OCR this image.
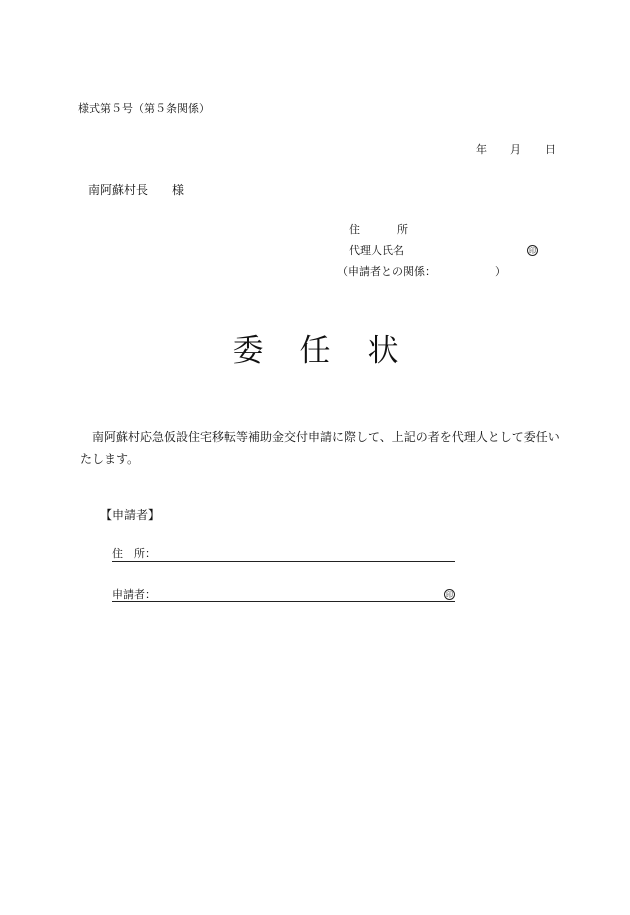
様式第５号（第５条関係）
年 月 日
南阿蘇村長 様
住	所
代理人氏名	印
（申請者との関係：	）
委 任 状
南阿蘇村応急仮設住宅移転等補助金交付申請に際して、上記の者を代理人として委任いたします。
【申請者】
住　所：
申請者：	印
